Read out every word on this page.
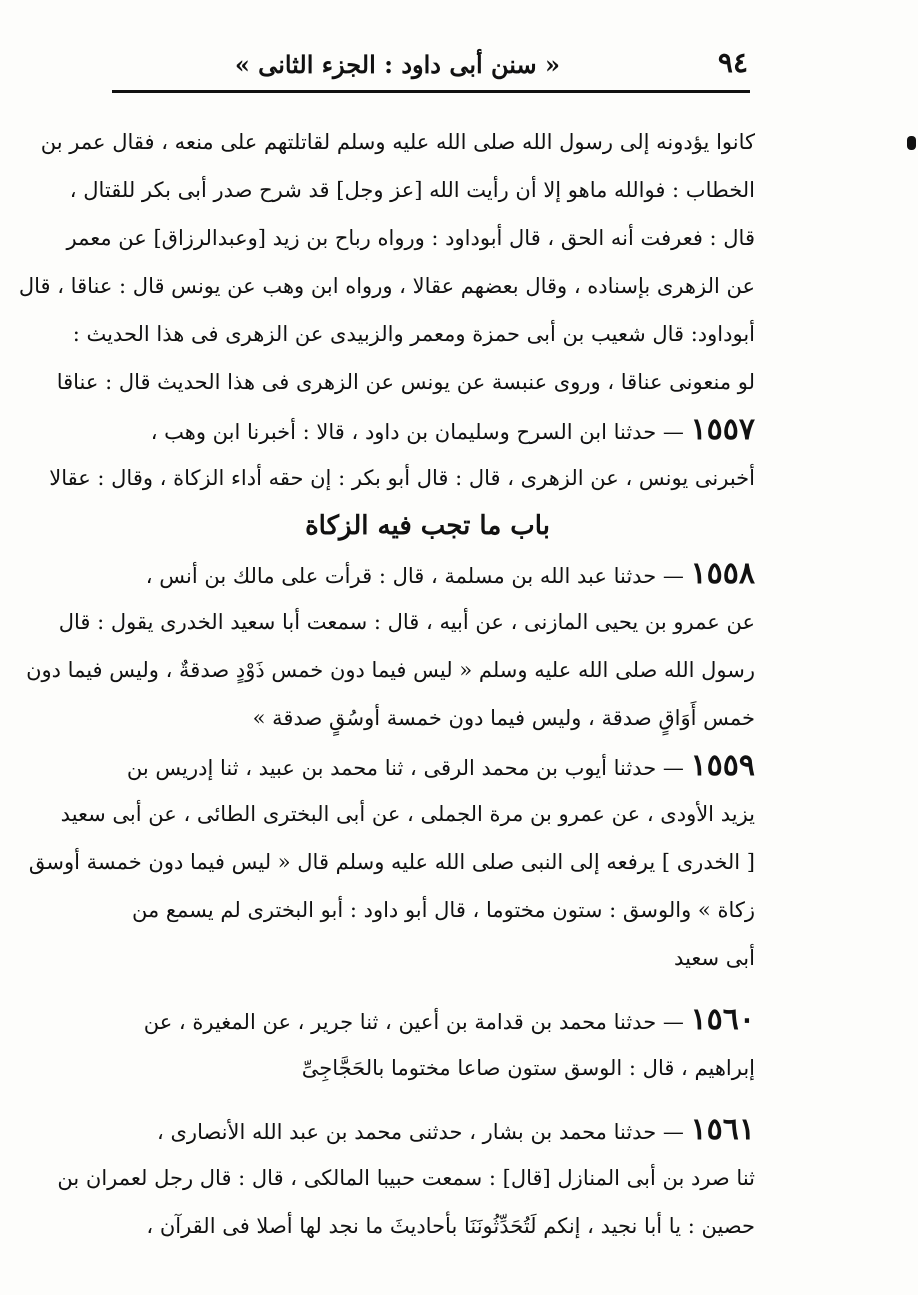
٩٤
« سنن أبى داود : الجزء الثانى »
كانوا يؤدونه إلى رسول الله صلى الله عليه وسلم لقاتلتهم على منعه ، فقال عمر بن
الخطاب : فوالله ماهو إلا أن رأيت الله [عز وجل] قد شرح صدر أبى بكر للقتال ،
قال : فعرفت أنه الحق ، قال أبوداود : ورواه رباح بن زيد [وعبدالرزاق] عن معمر
عن الزهرى بإسناده ، وقال بعضهم عقالا ، ورواه ابن وهب عن يونس قال : عناقا ، قال
أبوداود: قال شعيب بن أبى حمزة ومعمر والزبيدى عن الزهرى فى هذا الحديث :
لو منعونى عناقا ، وروى عنبسة عن يونس عن الزهرى فى هذا الحديث قال : عناقا
١٥٥٧ — حدثنا ابن السرح وسليمان بن داود ، قالا : أخبرنا ابن وهب ،
أخبرنى يونس ، عن الزهرى ، قال : قال أبو بكر : إن حقه أداء الزكاة ، وقال : عقالا
باب ما تجب فيه الزكاة
١٥٥٨ — حدثنا عبد الله بن مسلمة ، قال : قرأت على مالك بن أنس ،
عن عمرو بن يحيى المازنى ، عن أبيه ، قال : سمعت أبا سعيد الخدرى يقول : قال
رسول الله صلى الله عليه وسلم « ليس فيما دون خمس ذَوْدٍ صدقةٌ ، وليس فيما دون
خمس أَوَاقٍ صدقة ، وليس فيما دون خمسة أوسُقٍ صدقة »
١٥٥٩ — حدثنا أيوب بن محمد الرقى ، ثنا محمد بن عبيد ، ثنا إدريس بن
يزيد الأودى ، عن عمرو بن مرة الجملى ، عن أبى البخترى الطائى ، عن أبى سعيد
[ الخدرى ] يرفعه إلى النبى صلى الله عليه وسلم قال « ليس فيما دون خمسة أوسق
زكاة » والوسق : ستون مختوما ، قال أبو داود : أبو البخترى لم يسمع من
أبى سعيد
١٥٦٠ — حدثنا محمد بن قدامة بن أعين ، ثنا جرير ، عن المغيرة ، عن
إبراهيم ، قال : الوسق ستون صاعا مختوما بالحَجَّاجِىِّ
١٥٦١ — حدثنا محمد بن بشار ، حدثنى محمد بن عبد الله الأنصارى ،
ثنا صرد بن أبى المنازل [قال] : سمعت حبيبا المالكى ، قال : قال رجل لعمران بن
حصين : يا أبا نجيد ، إنكم لَتُحَدِّثُونَنَا بأحاديثَ ما نجد لها أصلا فى القرآن ،
